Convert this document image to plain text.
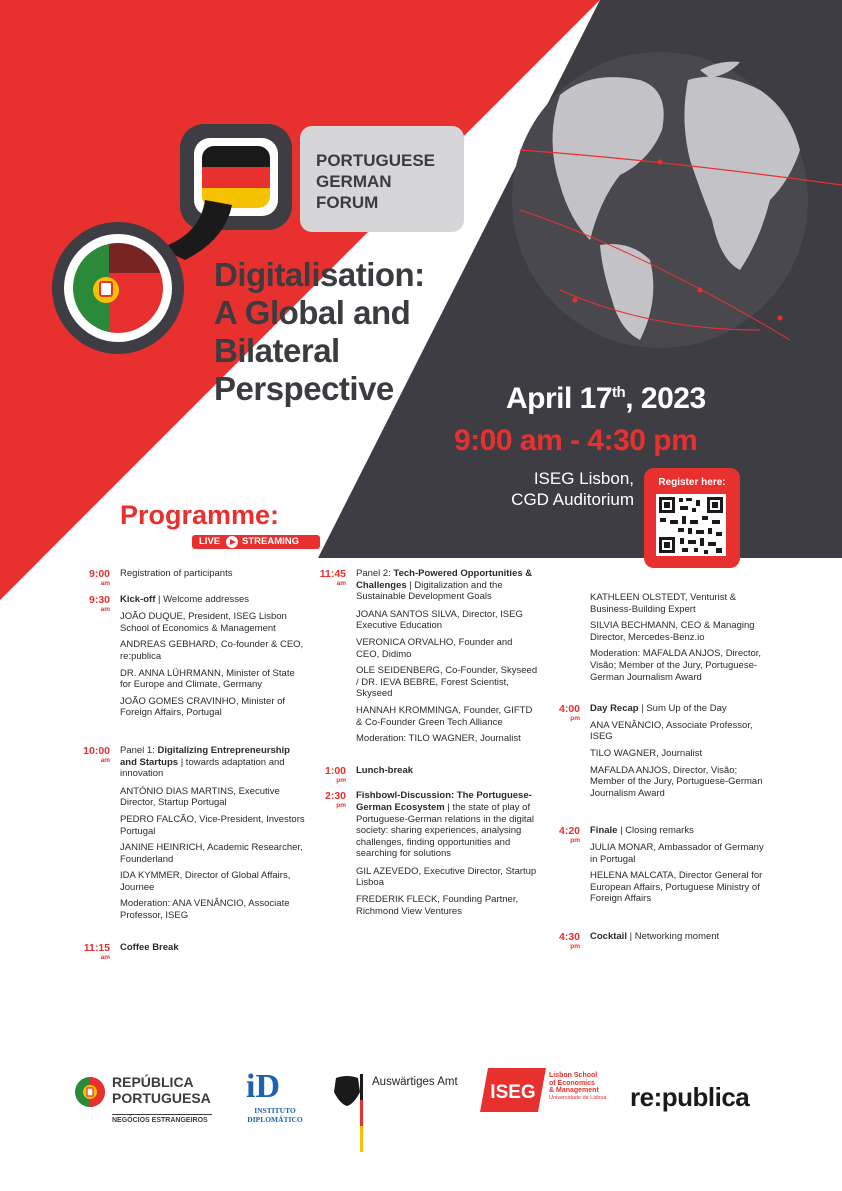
PORTUGUESE
GERMAN
FORUM
Digitalisation:
A Global and
Bilateral
Perspective	April 17th, 2023
9:00 am - 4:30 pm
ISEG Lisbon,
CGD Auditorium
Register here:
Programme:
LIVE STREAMING
9:00
am
Registration of participants
9:30
am
Kick-off | Welcome addresses
JOÃO DUQUE, President, ISEG Lisbon School of Economics & Management
ANDREAS GEBHARD, Co-founder & CEO, re:publica
DR. ANNA LÜHRMANN, Minister of State for Europe and Climate, Germany
JOÃO GOMES CRAVINHO, Minister of Foreign Affairs, Portugal
10:00
am
Panel 1: Digitalizing Entrepreneurship and Startups | towards adaptation and innovation
ANTÓNIO DIAS MARTINS, Executive Director, Startup Portugal
PEDRO FALCÃO, Vice-President, Investors Portugal
JANINE HEINRICH, Academic Researcher, Founderland
IDA KYMMER, Director of Global Affairs, Journee
Moderation: ANA VENÂNCIO, Associate Professor, ISEG
11:15
am
Coffee Break
11:45
am
Panel 2: Tech-Powered Opportunities & Challenges | Digitalization and the Sustainable Development Goals
JOANA SANTOS SILVA, Director, ISEG Executive Education
VERONICA ORVALHO, Founder and CEO, Didimo
OLE SEIDENBERG, Co-Founder, Skyseed / DR. IEVA BEBRE, Forest Scientist, Skyseed
HANNAH KROMMINGA, Founder, GIFTD & Co-Founder Green Tech Alliance
Moderation: TILO WAGNER, Journalist
1:00
pm
Lunch-break
2:30
pm
Fishbowl-Discussion: The Portuguese-German Ecosystem | the state of play of Portuguese-German relations in the digital society: sharing experiences, analysing challenges, finding opportunities and searching for solutions
GIL AZEVEDO, Executive Director, Startup Lisboa
FREDERIK FLECK, Founding Partner, Richmond View Ventures
KATHLEEN OLSTEDT, Venturist & Business-Building Expert
SILVIA BECHMANN, CEO & Managing Director, Mercedes-Benz.io
Moderation: MAFALDA ANJOS, Director, Visão; Member of the Jury, Portuguese-German Journalism Award
4:00
pm
Day Recap | Sum Up of the Day
ANA VENÂNCIO, Associate Professor, ISEG
TILO WAGNER, Journalist
MAFALDA ANJOS, Director, Visão; Member of the Jury, Portuguese-German Journalism Award
4:20
pm
Finale | Closing remarks
JULIA MONAR, Ambassador of Germany in Portugal
HELENA MALCATA, Director General for European Affairs, Portuguese Ministry of Foreign Affairs
4:30
pm
Cocktail | Networking moment
REPÚBLICA
PORTUGUESA
NEGÓCIOS ESTRANGEIROS
iD
INSTITUTO
DIPLOMÁTICO
Auswärtiges Amt ISEG
Lisbon School
of Economics
& Management
Universidade de Lisboa re:publica
